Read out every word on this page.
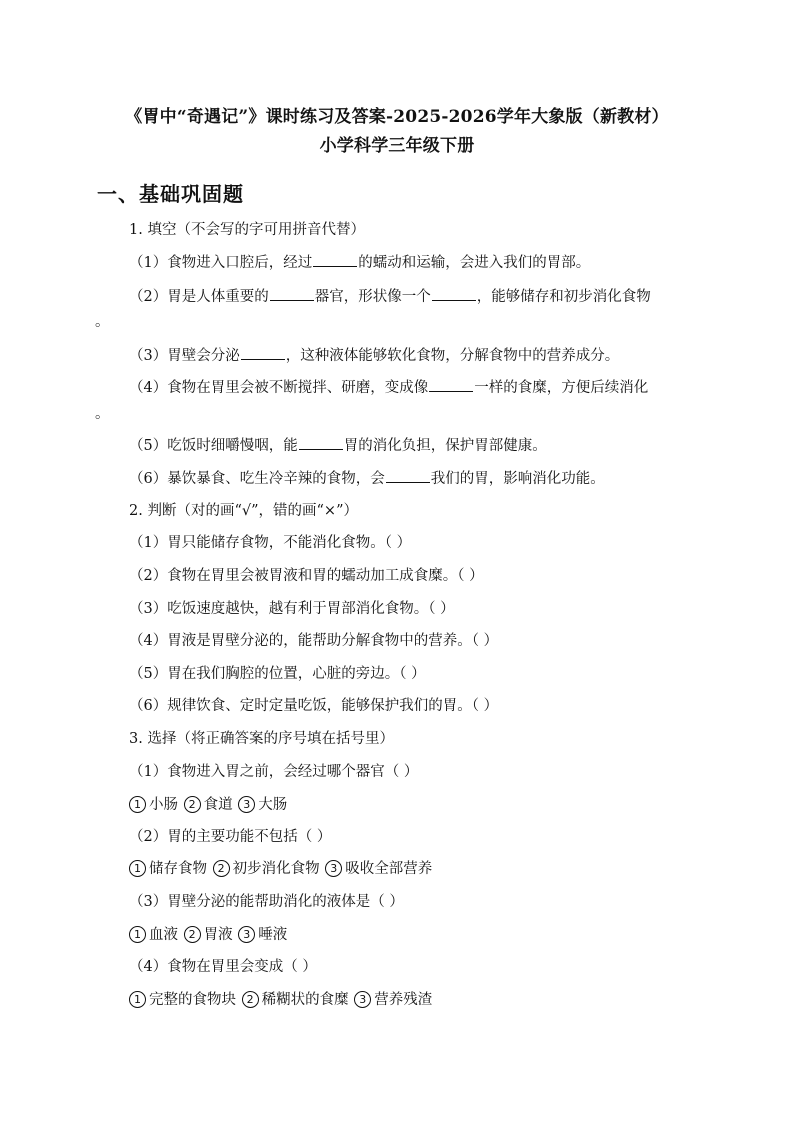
《胃中“奇遇记”》课时练习及答案-2025-2026学年大象版（新教材）
小学科学三年级下册
一、基础巩固题
1. 填空（不会写的字可用拼音代替）
（1）食物进入口腔后，经过	的蠕动和运输，会进入我们的胃部。
（2）胃是人体重要的	器官，形状像一个	，能够储存和初步消化食物
。
（3）胃壁会分泌	，这种液体能够软化食物，分解食物中的营养成分。
（4）食物在胃里会被不断搅拌、研磨，变成像	一样的食糜，方便后续消化
。
（5）吃饭时细嚼慢咽，能	胃的消化负担，保护胃部健康。
（6）暴饮暴食、吃生冷辛辣的食物，会	我们的胃，影响消化功能。
2. 判断（对的画“√”，错的画“×”）
（1）胃只能储存食物，不能消化食物。（ ）
（2）食物在胃里会被胃液和胃的蠕动加工成食糜。（ ）
（3）吃饭速度越快，越有利于胃部消化食物。（ ）
（4）胃液是胃壁分泌的，能帮助分解食物中的营养。（ ）
（5）胃在我们胸腔的位置，心脏的旁边。（ ）
（6）规律饮食、定时定量吃饭，能够保护我们的胃。（ ）
3. 选择（将正确答案的序号填在括号里）
（1）食物进入胃之前，会经过哪个器官（ ）
1 小肠 2 食道 3 大肠
（2）胃的主要功能不包括（ ）
1 储存食物 2 初步消化食物 3 吸收全部营养
（3）胃壁分泌的能帮助消化的液体是（ ）
1 血液 2 胃液 3 唾液
（4）食物在胃里会变成（ ）
1 完整的食物块 2 稀糊状的食糜 3 营养残渣
